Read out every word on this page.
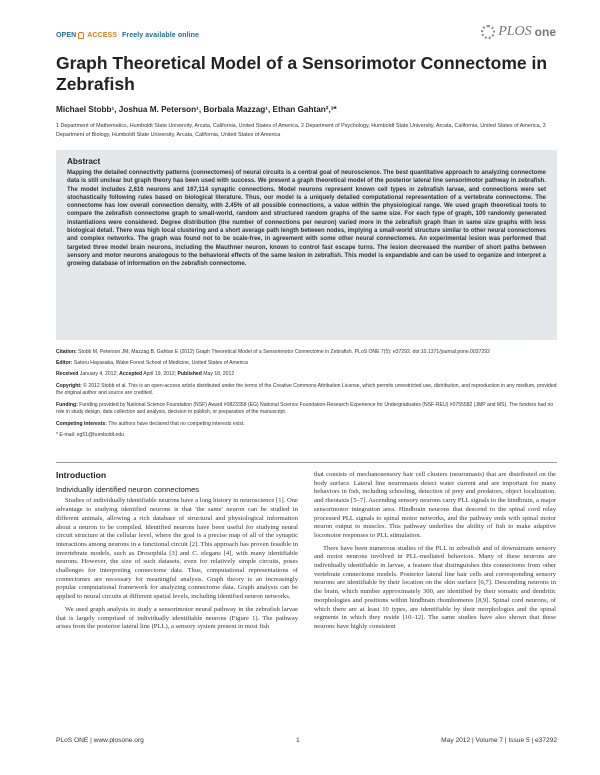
OPEN ACCESS Freely available online	PLOS one
Graph Theoretical Model of a Sensorimotor Connectome in Zebrafish
Michael Stobb¹, Joshua M. Peterson¹, Borbala Mazzag¹, Ethan Gahtan²,³*
1 Department of Mathematics, Humboldt State University, Arcata, California, United States of America, 2 Department of Psychology, Humboldt State University, Arcata, California, United States of America, 3 Department of Biology, Humboldt State University, Arcata, California, United States of America
Abstract

Mapping the detailed connectivity patterns (connectomes) of neural circuits is a central goal of neuroscience. The best quantitative approach to analyzing connectome data is still unclear but graph theory has been used with success. We present a graph theoretical model of the posterior lateral line sensorimotor pathway in zebrafish. The model includes 2,616 neurons and 167,114 synaptic connections. Model neurons represent known cell types in zebrafish larvae, and connections were set stochastically following rules based on biological literature. Thus, our model is a uniquely detailed computational representation of a vertebrate connectome. The connectome has low overall connection density, with 2.45% of all possible connections, a value within the physiological range. We used graph theoretical tools to compare the zebrafish connectome graph to small-world, random and structured random graphs of the same size. For each type of graph, 100 randomly generated instantiations were considered. Degree distribution (the number of connections per neuron) varied more in the zebrafish graph than in same size graphs with less biological detail. There was high local clustering and a short average path length between nodes, implying a small-world structure similar to other neural connectomes and complex networks. The graph was found not to be scale-free, in agreement with some other neural connectomes. An experimental lesion was performed that targeted three model brain neurons, including the Mauthner neuron, known to control fast escape turns. The lesion decreased the number of short paths between sensory and motor neurons analogous to the behavioral effects of the same lesion in zebrafish. This model is expandable and can be used to organize and interpret a growing database of information on the zebrafish connectome.

Citation: Stobb M, Peterson JM, Mazzag B, Gahtan E (2012) Graph Theoretical Model of a Sensorimotor Connectome in Zebrafish. PLoS ONE 7(5): e37292. doi:10.1371/journal.pone.0037292

Editor: Satoru Hayasaka, Wake Forest School of Medicine, United States of America

Received January 4, 2012; Accepted April 19, 2012; Published May 18, 2012

Copyright: © 2012 Stobb et al. This is an open-access article distributed under the terms of the Creative Commons Attribution License, which permits unrestricted use, distribution, and reproduction in any medium, provided the original author and source are credited.

Funding: Funding provided by National Science Foundation (NSF) Award #0823358 (EG) National Science Foundation-Research Experience for Undergraduates (NSF-REU) #0755582 (JMP and MS). The funders had no role in study design, data collection and analysis, decision to publish, or preparation of the manuscript.

Competing Interests: The authors have declared that no competing interests exist.

* E-mail: eg51@humboldt.edu

Introduction
Individually identified neuron connectomes

Studies of individually identifiable neurons have a long history in neuroscience [1]. One advantage to studying identified neurons is that 'the same' neuron can be studied in different animals, allowing a rich database of structural and physiological information about a neuron to be compiled. Identified neurons have been useful for studying neural circuit structure at the cellular level, where the goal is a precise map of all of the synaptic interactions among neurons in a functional circuit [2]. This approach has proven feasible in invertebrate models, such as Drosophila [3] and C. elegans [4], with many identifiable neurons. However, the size of such datasets, even for relatively simple circuits, poses challenges for interpreting connectome data. Thus, computational representations of connectomes are necessary for meaningful analysis. Graph theory is an increasingly popular computational framework for analyzing connectome data. Graph analysis can be applied to neural circuits at different spatial levels, including identified neuron networks.

We used graph analysis to study a sensorimotor neural pathway in the zebrafish larvae that is largely comprised of individually identifiable neurons (Figure 1). The pathway arises from the posterior lateral line (PLL), a sensory system present in most fish

that consists of mechanosensory hair cell clusters (neuromasts) that are distributed on the body surface. Lateral line neuromasts detect water current and are important for many behaviors in fish, including schooling, detection of prey and predators, object localization, and rheotaxis [5–7]. Ascending sensory neurons carry PLL signals to the hindbrain, a major sensorimotor integration area. Hindbrain neurons that descend to the spinal cord relay processed PLL signals to spinal motor networks, and the pathway ends with spinal motor neuron output to muscles. This pathway underlies the ability of fish to make adaptive locomotor responses to PLL stimulation.

There have been numerous studies of the PLL in zebrafish and of downstream sensory and motor neurons involved in PLL-mediated behaviors. Many of these neurons are individually identifiable in larvae, a feature that distinguishes this connectome from other vertebrate connectome models. Posterior lateral line hair cells and corresponding sensory neurons are identifiable by their location on the skin surface [6,7]. Descending neurons in the brain, which number approximately 300, are identified by their somatic and dendritic morphologies and positions within hindbrain rhombomeres [8,9]. Spinal cord neurons, of which there are at least 10 types, are identifiable by their morphologies and the spinal segments in which they reside [10–12]. The same studies have also shown that these neurons have highly consistent

PLoS ONE | www.plosone.org	1	May 2012 | Volume 7 | Issue 5 | e37292
